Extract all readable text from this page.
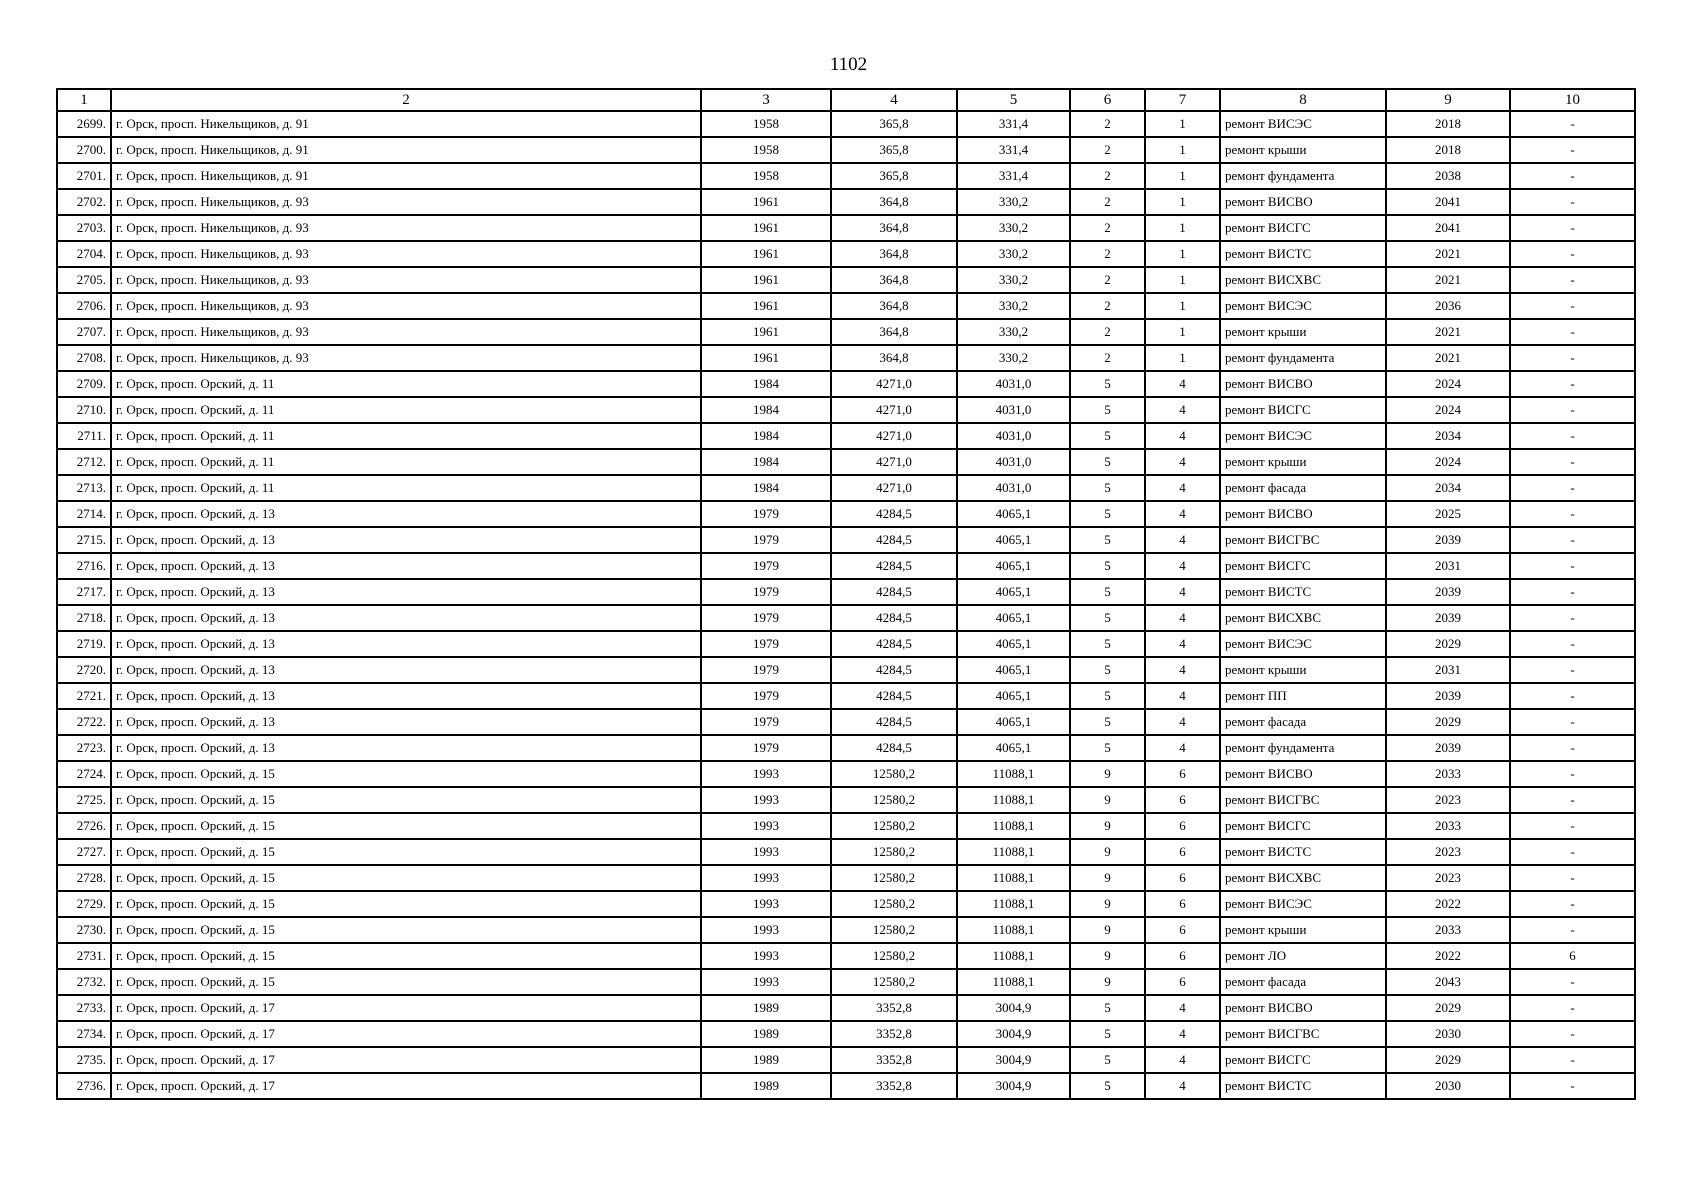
1102
1	2	3	4	5	6	7	8	9	10
2699.	г. Орск, просп. Никельщиков, д. 91	1958	365,8	331,4	2	1	ремонт ВИСЭС	2018	-
2700.	г. Орск, просп. Никельщиков, д. 91	1958	365,8	331,4	2	1	ремонт крыши	2018	-
2701.	г. Орск, просп. Никельщиков, д. 91	1958	365,8	331,4	2	1	ремонт фундамента	2038	-
2702.	г. Орск, просп. Никельщиков, д. 93	1961	364,8	330,2	2	1	ремонт ВИСВО	2041	-
2703.	г. Орск, просп. Никельщиков, д. 93	1961	364,8	330,2	2	1	ремонт ВИСГС	2041	-
2704.	г. Орск, просп. Никельщиков, д. 93	1961	364,8	330,2	2	1	ремонт ВИСТС	2021	-
2705.	г. Орск, просп. Никельщиков, д. 93	1961	364,8	330,2	2	1	ремонт ВИСХВС	2021	-
2706.	г. Орск, просп. Никельщиков, д. 93	1961	364,8	330,2	2	1	ремонт ВИСЭС	2036	-
2707.	г. Орск, просп. Никельщиков, д. 93	1961	364,8	330,2	2	1	ремонт крыши	2021	-
2708.	г. Орск, просп. Никельщиков, д. 93	1961	364,8	330,2	2	1	ремонт фундамента	2021	-
2709.	г. Орск, просп. Орский, д. 11	1984	4271,0	4031,0	5	4	ремонт ВИСВО	2024	-
2710.	г. Орск, просп. Орский, д. 11	1984	4271,0	4031,0	5	4	ремонт ВИСГС	2024	-
2711.	г. Орск, просп. Орский, д. 11	1984	4271,0	4031,0	5	4	ремонт ВИСЭС	2034	-
2712.	г. Орск, просп. Орский, д. 11	1984	4271,0	4031,0	5	4	ремонт крыши	2024	-
2713.	г. Орск, просп. Орский, д. 11	1984	4271,0	4031,0	5	4	ремонт фасада	2034	-
2714.	г. Орск, просп. Орский, д. 13	1979	4284,5	4065,1	5	4	ремонт ВИСВО	2025	-
2715.	г. Орск, просп. Орский, д. 13	1979	4284,5	4065,1	5	4	ремонт ВИСГВС	2039	-
2716.	г. Орск, просп. Орский, д. 13	1979	4284,5	4065,1	5	4	ремонт ВИСГС	2031	-
2717.	г. Орск, просп. Орский, д. 13	1979	4284,5	4065,1	5	4	ремонт ВИСТС	2039	-
2718.	г. Орск, просп. Орский, д. 13	1979	4284,5	4065,1	5	4	ремонт ВИСХВС	2039	-
2719.	г. Орск, просп. Орский, д. 13	1979	4284,5	4065,1	5	4	ремонт ВИСЭС	2029	-
2720.	г. Орск, просп. Орский, д. 13	1979	4284,5	4065,1	5	4	ремонт крыши	2031	-
2721.	г. Орск, просп. Орский, д. 13	1979	4284,5	4065,1	5	4	ремонт ПП	2039	-
2722.	г. Орск, просп. Орский, д. 13	1979	4284,5	4065,1	5	4	ремонт фасада	2029	-
2723.	г. Орск, просп. Орский, д. 13	1979	4284,5	4065,1	5	4	ремонт фундамента	2039	-
2724.	г. Орск, просп. Орский, д. 15	1993	12580,2	11088,1	9	6	ремонт ВИСВО	2033	-
2725.	г. Орск, просп. Орский, д. 15	1993	12580,2	11088,1	9	6	ремонт ВИСГВС	2023	-
2726.	г. Орск, просп. Орский, д. 15	1993	12580,2	11088,1	9	6	ремонт ВИСГС	2033	-
2727.	г. Орск, просп. Орский, д. 15	1993	12580,2	11088,1	9	6	ремонт ВИСТС	2023	-
2728.	г. Орск, просп. Орский, д. 15	1993	12580,2	11088,1	9	6	ремонт ВИСХВС	2023	-
2729.	г. Орск, просп. Орский, д. 15	1993	12580,2	11088,1	9	6	ремонт ВИСЭС	2022	-
2730.	г. Орск, просп. Орский, д. 15	1993	12580,2	11088,1	9	6	ремонт крыши	2033	-
2731.	г. Орск, просп. Орский, д. 15	1993	12580,2	11088,1	9	6	ремонт ЛО	2022	6
2732.	г. Орск, просп. Орский, д. 15	1993	12580,2	11088,1	9	6	ремонт фасада	2043	-
2733.	г. Орск, просп. Орский, д. 17	1989	3352,8	3004,9	5	4	ремонт ВИСВО	2029	-
2734.	г. Орск, просп. Орский, д. 17	1989	3352,8	3004,9	5	4	ремонт ВИСГВС	2030	-
2735.	г. Орск, просп. Орский, д. 17	1989	3352,8	3004,9	5	4	ремонт ВИСГС	2029	-
2736.	г. Орск, просп. Орский, д. 17	1989	3352,8	3004,9	5	4	ремонт ВИСТС	2030	-
